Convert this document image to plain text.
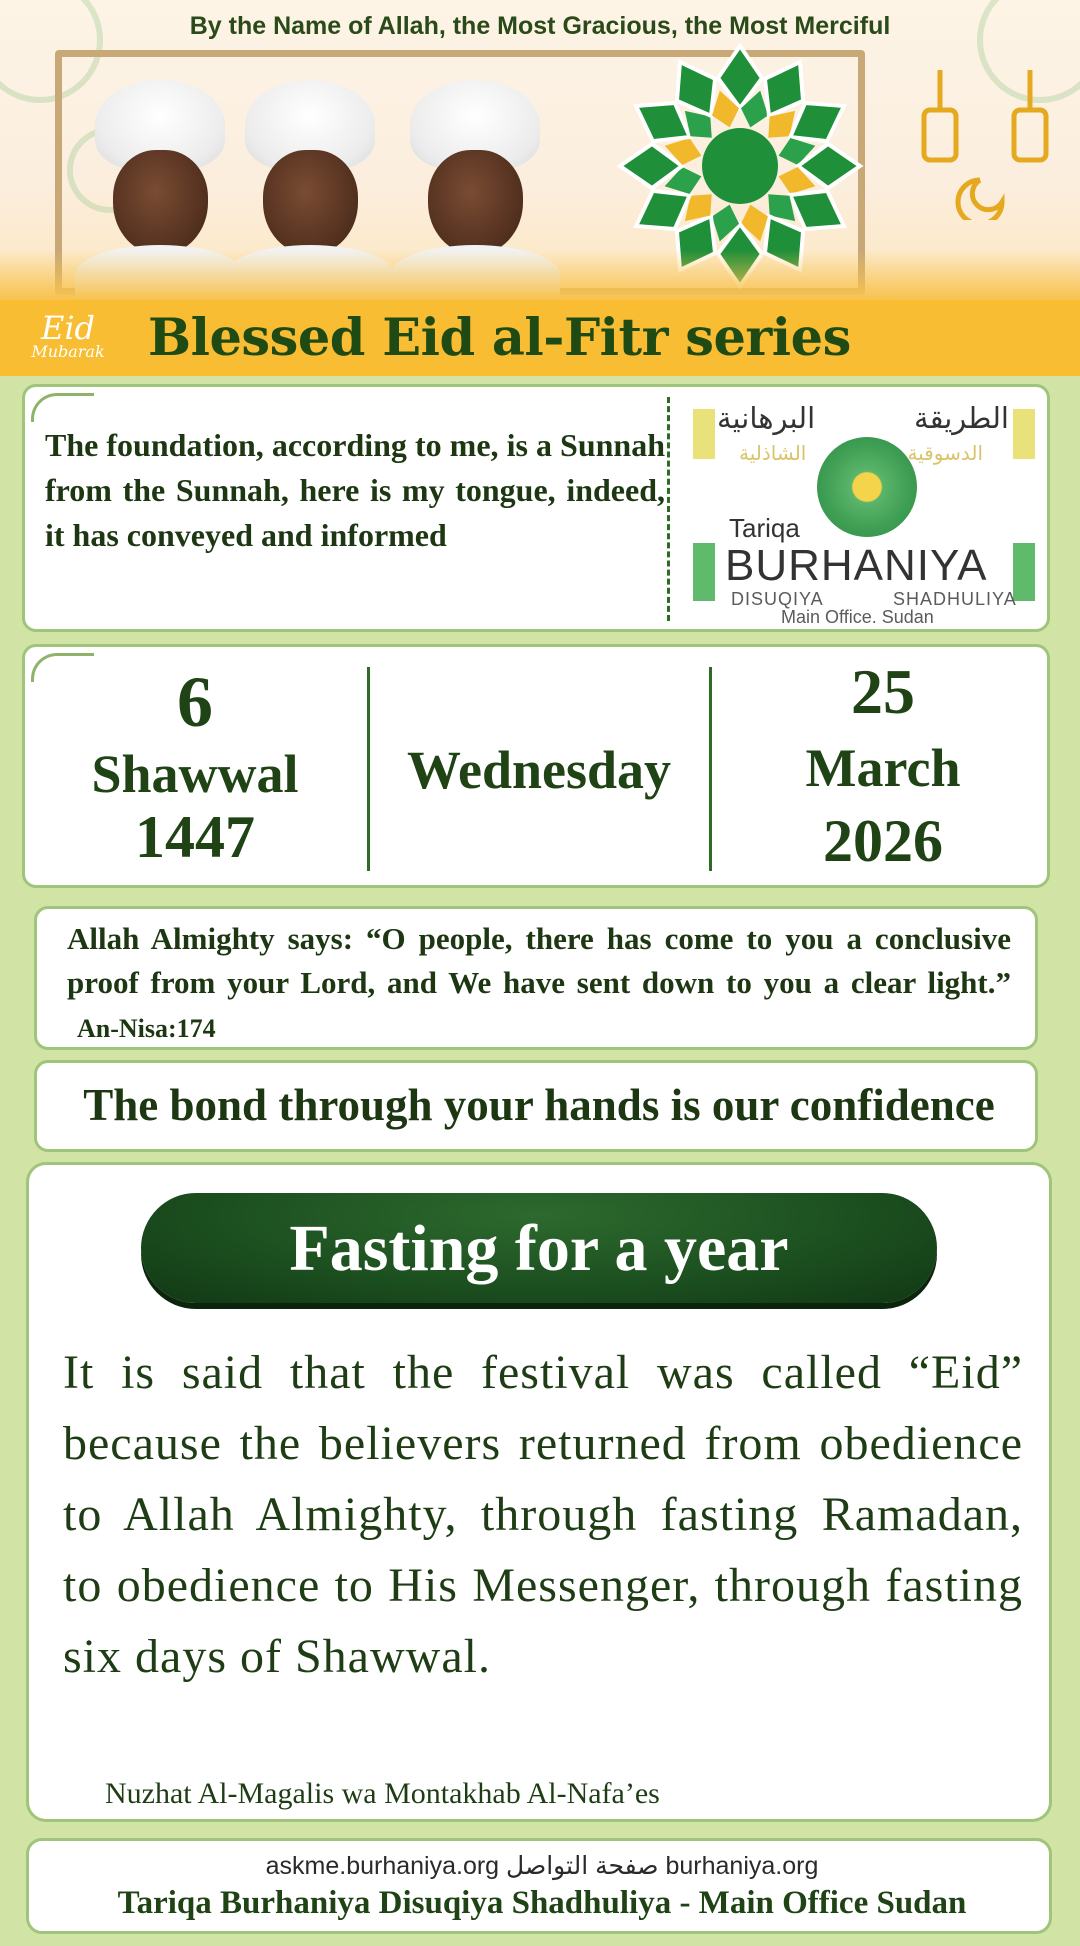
By the Name of Allah, the Most Gracious, the Most Merciful
Eid
Mubarak Blessed Eid al-Fitr series
The foundation, according to me, is a Sunnah from the Sunnah, here is my tongue, indeed, it has conveyed and informed
البرهانية	الطريقة
الشاذلية	الدسوقية
Tariqa
BURHANIYA
DISUQIYA	SHADHULIYA
Main Office. Sudan
6
Shawwal
1447
Wednesday
25
March
2026
Allah Almighty says: “O people, there has come to you a conclusive proof from your Lord, and We have sent down to you a clear light.” An-Nisa:174
The bond through your hands is our confidence
Fasting for a year
It is said that the festival was called “Eid” because the believers returned from obedience to Allah Almighty, through fasting Ramadan, to obedience to His Messenger, through fasting six days of Shawwal.
Nuzhat Al-Magalis wa Montakhab Al-Nafa’es
askme.burhaniya.org صفحة التواصل burhaniya.org
Tariqa Burhaniya Disuqiya Shadhuliya - Main Office Sudan
